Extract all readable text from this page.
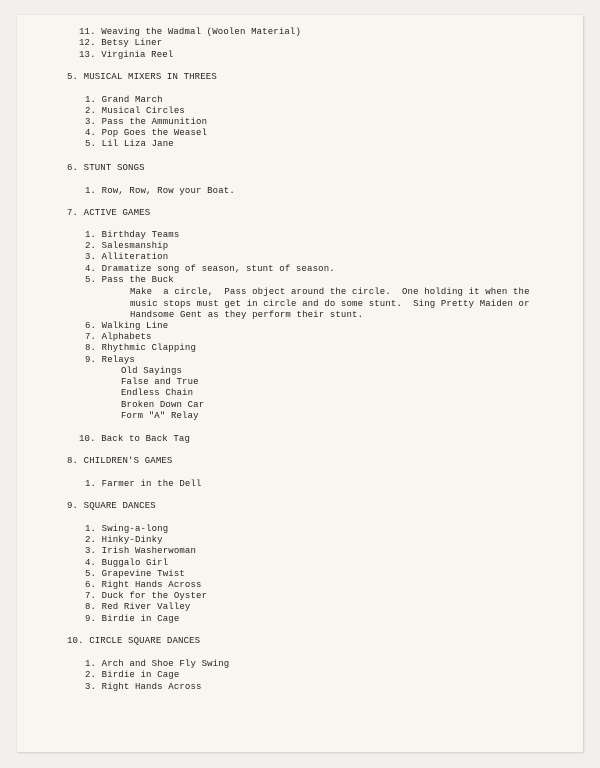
11. Weaving the Wadmal (Woolen Material)
12. Betsy Liner
13. Virginia Reel
5. MUSICAL MIXERS IN THREES
1. Grand March
2. Musical Circles
3. Pass the Ammunition
4. Pop Goes the Weasel
5. Lil Liza Jane
6. STUNT SONGS
1. Row, Row, Row your Boat.
7. ACTIVE GAMES
1. Birthday Teams
2. Salesmanship
3. Alliteration
4. Dramatize song of season, stunt of season.
5. Pass the Buck
Make  a circle,  Pass object around the circle.  One holding it when the
music stops must get in circle and do some stunt.  Sing Pretty Maiden or
Handsome Gent as they perform their stunt.
6. Walking Line
7. Alphabets
8. Rhythmic Clapping
9. Relays
Old Sayings
False and True
Endless Chain
Broken Down Car
Form "A" Relay
10. Back to Back Tag
8. CHILDREN'S GAMES
1. Farmer in the Dell
9. SQUARE DANCES
1. Swing-a-long
2. Hinky-Dinky
3. Irish Washerwoman
4. Buggalo Girl
5. Grapevine Twist
6. Right Hands Across
7. Duck for the Oyster
8. Red River Valley
9. Birdie in Cage
10. CIRCLE SQUARE DANCES
1. Arch and Shoe Fly Swing
2. Birdie in Cage
3. Right Hands Across
